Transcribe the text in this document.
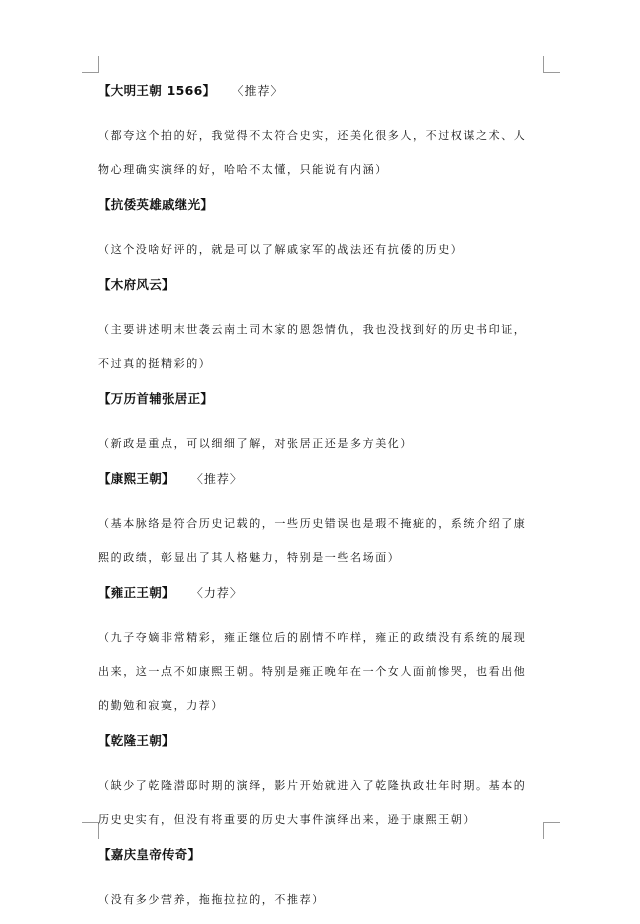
【大明王朝 1566】 〈推荐〉
（都夸这个拍的好，我觉得不太符合史实，还美化很多人，不过权谋之术、人
物心理确实演绎的好，哈哈不太懂，只能说有内涵）
【抗倭英雄戚继光】
（这个没啥好评的，就是可以了解戚家军的战法还有抗倭的历史）
【木府风云】
（主要讲述明末世袭云南土司木家的恩怨情仇，我也没找到好的历史书印证，
不过真的挺精彩的）
【万历首辅张居正】
（新政是重点，可以细细了解，对张居正还是多方美化）
【康熙王朝】 〈推荐〉
（基本脉络是符合历史记载的，一些历史错误也是瑕不掩疵的，系统介绍了康
熙的政绩，彰显出了其人格魅力，特别是一些名场面）
【雍正王朝】 〈力荐〉
（九子夺嫡非常精彩，雍正继位后的剧情不咋样，雍正的政绩没有系统的展现
出来，这一点不如康熙王朝。特别是雍正晚年在一个女人面前惨哭，也看出他
的勤勉和寂寞，力荐）
【乾隆王朝】
（缺少了乾隆潜邸时期的演绎，影片开始就进入了乾隆执政壮年时期。基本的
历史史实有，但没有将重要的历史大事件演绎出来，逊于康熙王朝）
【嘉庆皇帝传奇】
（没有多少营养，拖拖拉拉的，不推荐）
